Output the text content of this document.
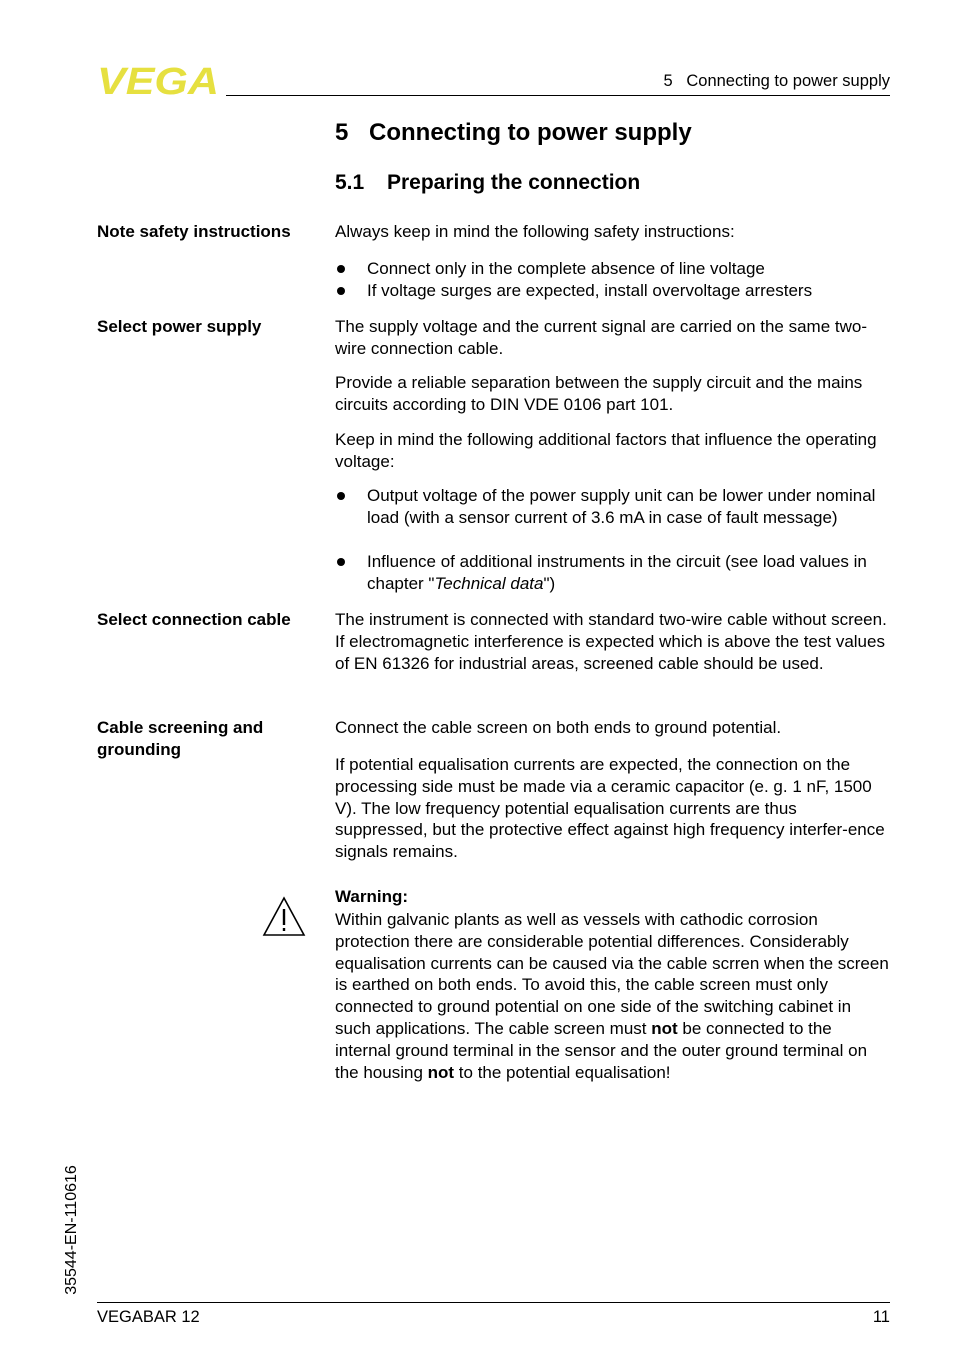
VEGA	5   Connecting to power supply
5 Connecting to power supply
5.1 Preparing the connection
Note safety instructions	Always keep in mind the following safety instructions:
Connect only in the complete absence of line voltage
If voltage surges are expected, install overvoltage arresters
Select power supply	The supply voltage and the current signal are carried on the same two-wire connection cable.
Provide a reliable separation between the supply circuit and the mains circuits according to DIN VDE 0106 part 101.
Keep in mind the following additional factors that influence the operating voltage:
Output voltage of the power supply unit can be lower under nominal load (with a sensor current of 3.6 mA in case of fault message)
Influence of additional instruments in the circuit (see load values in chapter "Technical data")
Select connection cable	The instrument is connected with standard two-wire cable without screen. If electromagnetic interference is expected which is above the test values of EN 61326 for industrial areas, screened cable should be used.
Cable screening and grounding
Connect the cable screen on both ends to ground potential.
If potential equalisation currents are expected, the connection on the processing side must be made via a ceramic capacitor (e. g. 1 nF, 1500 V). The low frequency potential equalisation currents are thus suppressed, but the protective effect against high frequency interfer-ence signals remains.
Warning:
Within galvanic plants as well as vessels with cathodic corrosion protection there are considerable potential differences. Considerably equalisation currents can be caused via the cable scrren when the screen is earthed on both ends. To avoid this, the cable screen must only connected to ground potential on one side of the switching cabinet in such applications. The cable screen must not be connected to the internal ground terminal in the sensor and the outer ground terminal on the housing not to the potential equalisation!
35544-EN-110616
VEGABAR 12	11
